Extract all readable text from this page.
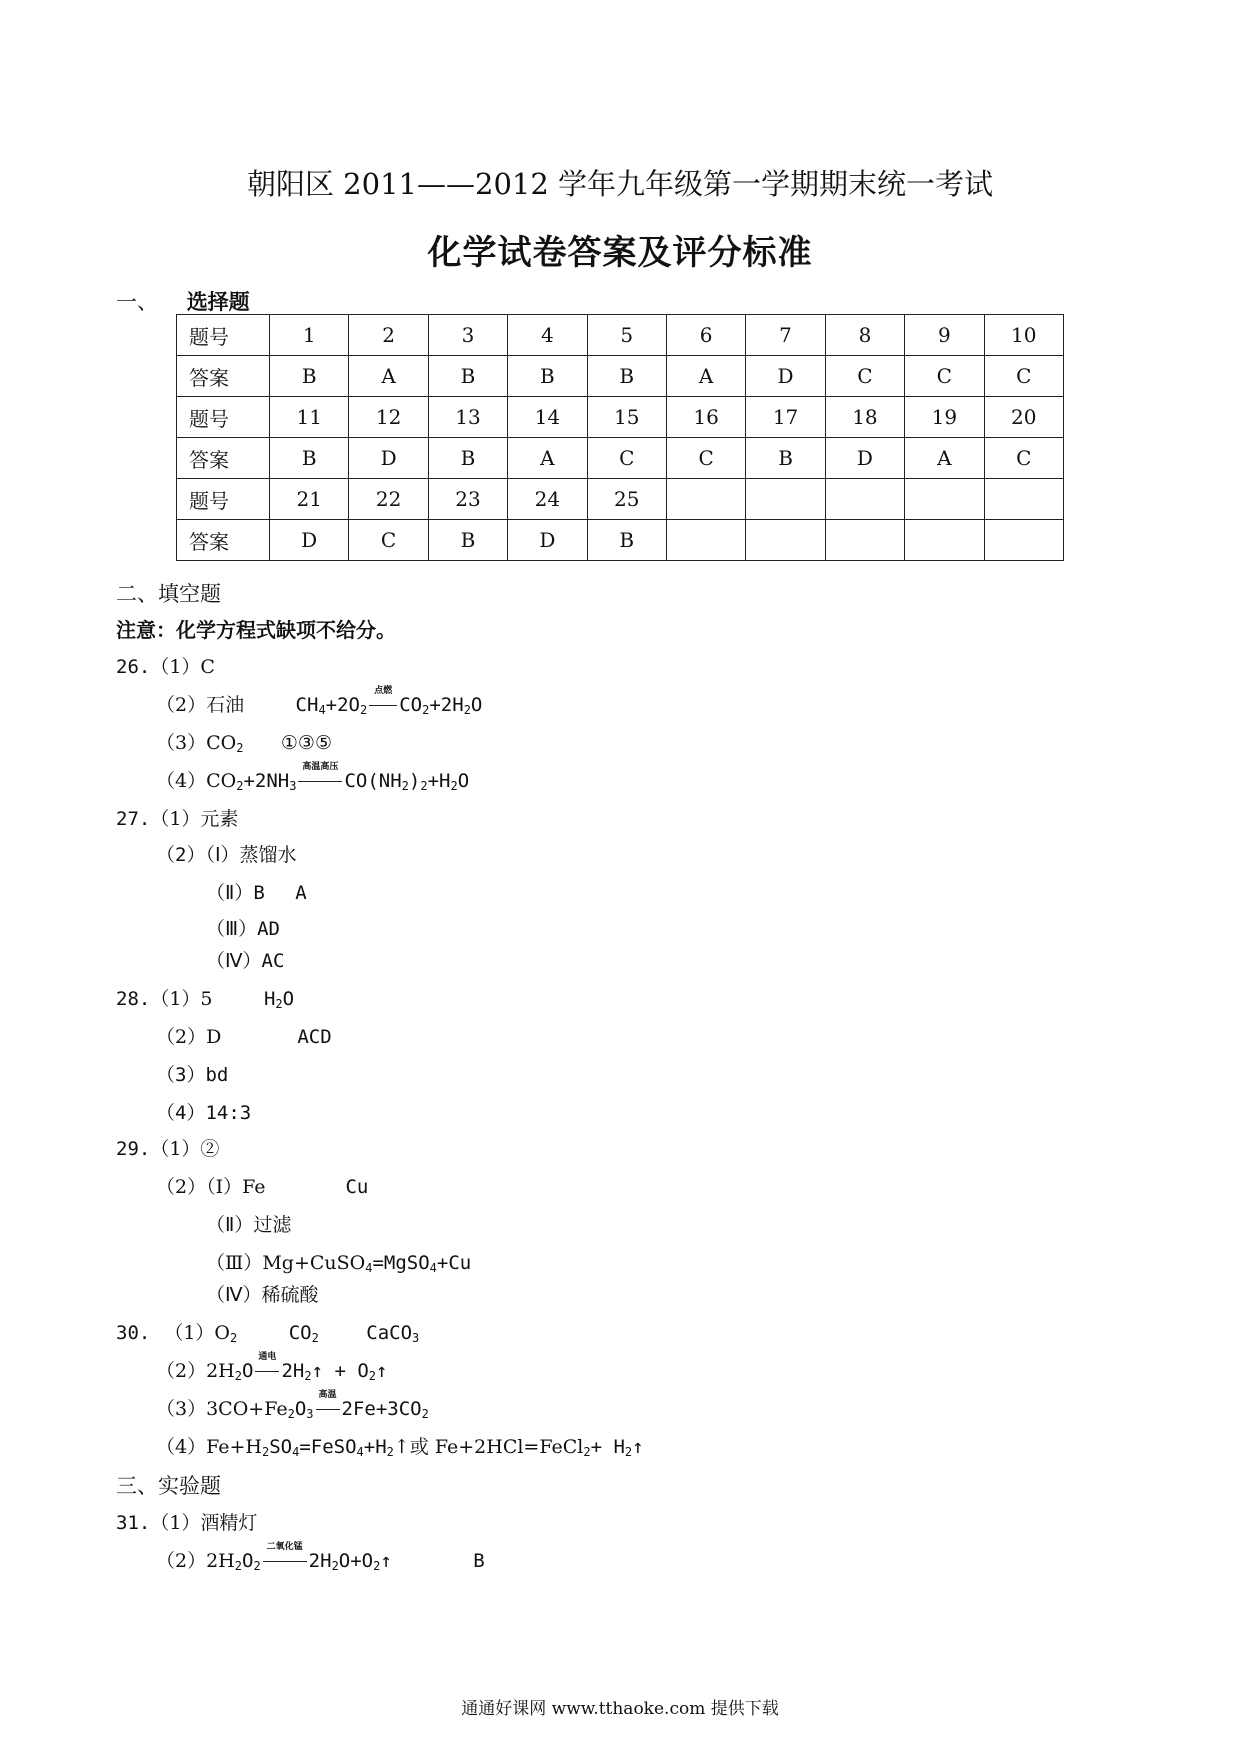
朝阳区 2011——2012 学年九年级第一学期期末统一考试
化学试卷答案及评分标准
一、 选择题
题号	1	2	3	4	5	6	7	8	9	10
答案	B	A	B	B	B	A	D	C	C	C
题号	11	12	13	14	15	16	17	18	19	20
答案	B	D	B	A	C	C	B	D	A	C
题号	21	22	23	24	25					
答案	D	C	B	D	B					
二、填空题
注意：化学方程式缺项不给分。
26.（1）C
（2）石油	$CH_4+2O_2$
点燃
$CO_2+2H_2O$
$(3)CO_2$ ①③⑤
$(4)CO_2+2NH_3$
高温高压
$CO(NH_2)_2+H_2O$
27.（1）元素
（2）（Ⅰ）蒸馏水
（Ⅱ）B　 A
（Ⅲ）AD
（Ⅳ）AC
28.（1）5	$H_2O$
（2）D	ACD
（3）bd
（4）14:3
29.（1）②
（2）（Ⅰ）Fe	Cu
（Ⅱ）过滤
（Ⅲ）Mg+CuSO$_4$=MgSO$_4$+Cu
（Ⅳ）稀硫酸
30. $(1)O_2$	$CO_2$ CaCO$_3$
$(2)2H_2O$
通电
$2H_2↑$ + $O_2↑$
$(3)3CO+Fe_2O_3$
高温
$2Fe+3CO_2$
$(4)Fe+H_2SO_4=FeSO_4+H_2↑$或 Fe+2HCl=FeCl$_2$+ $H_2↑$
三、实验题
31.（1）酒精灯
$(2)2H_2O_2$
二氧化锰
$2H_2O+O_2↑$	B
通通好课网 www.tthaoke.com 提供下载
